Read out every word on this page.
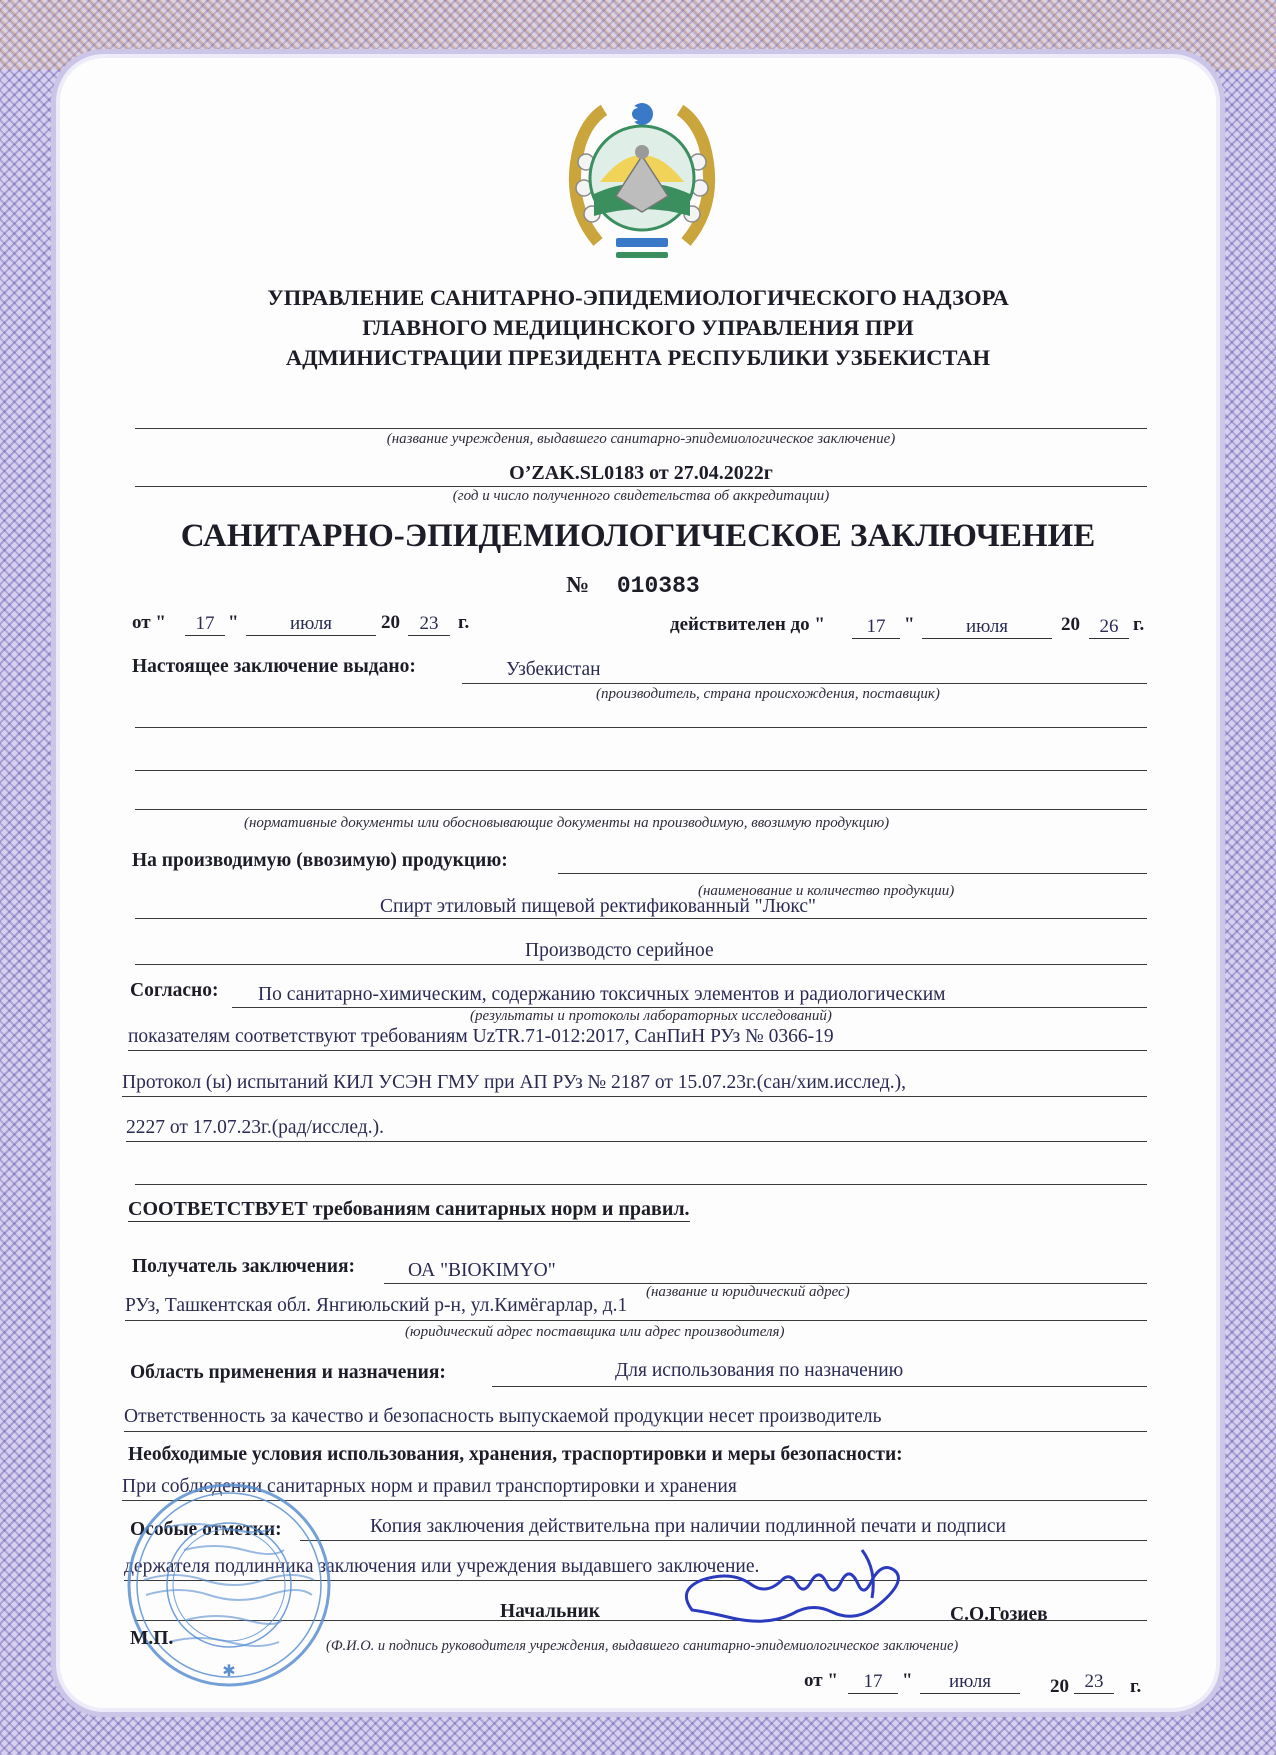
УПРАВЛЕНИЕ САНИТАРНО-ЭПИДЕМИОЛОГИЧЕСКОГО НАДЗОРА
ГЛАВНОГО МЕДИЦИНСКОГО УПРАВЛЕНИЯ ПРИ
АДМИНИСТРАЦИИ ПРЕЗИДЕНТА РЕСПУБЛИКИ УЗБЕКИСТАН
(название учреждения, выдавшего санитарно-эпидемиологическое заключение)
O’ZAK.SL0183 от 27.04.2022г
(год и число полученного свидетельства об аккредитации)
САНИТАРНО-ЭПИДЕМИОЛОГИЧЕСКОЕ ЗАКЛЮЧЕНИЕ
№ 010383
от "	17 "	июля	20	23	г.	действителен до "	17 "	июля	20	26 г.
Настоящее заключение выдано:	Узбекистан
(производитель, страна происхождения, поставщик)
(нормативные документы или обосновывающие документы на производимую, ввозимую продукцию)
На производимую (ввозимую) продукцию:
(наименование и количество продукции)
Спирт этиловый пищевой ректификованный "Люкс"
Производсто серийное
Согласно: По санитарно-химическим, содержанию токсичных элементов и радиологическим
(результаты и протоколы лабораторных исследований)
показателям соответствуют требованиям UzTR.71-012:2017, СанПиН РУз № 0366-19
Протокол (ы) испытаний КИЛ УСЭН ГМУ при АП РУз № 2187 от 15.07.23г.(сан/хим.исслед.),
2227 от 17.07.23г.(рад/исслед.).
СООТВЕТСТВУЕТ требованиям санитарных норм и правил.
Получатель заключения:	ОА "BIOKIMYO"
(название и юридический адрес)
РУз, Ташкентская обл. Янгиюльский р-н, ул.Кимёгарлар, д.1
(юридический адрес поставщика или адрес производителя)
Область применения и назначения:	Для использования по назначению
Ответственность за качество и безопасность выпускаемой продукции несет производитель
Необходимые условия использования, хранения, траспортировки и меры безопасности:
При соблюдении санитарных норм и правил транспортировки и хранения
Особые отметки:	Копия заключения действительна при наличии подлинной печати и подписи
держателя подлинника заключения или учреждения выдавшего заключение.
✱
Начальник	С.О.Гозиев
М.П.	(Ф.И.О. и подпись руководителя учреждения, выдавшего санитарно-эпидемиологическое заключение)
от "	17	"	июля	20 23	г.
